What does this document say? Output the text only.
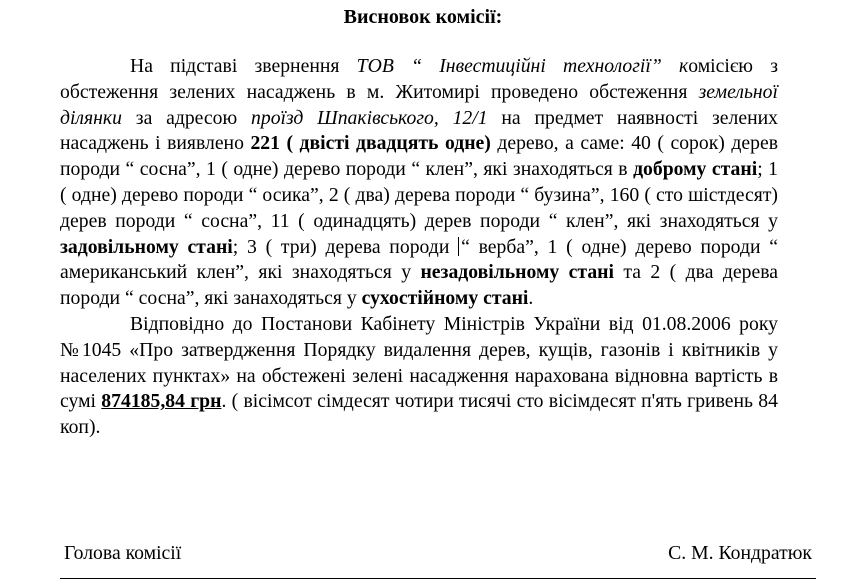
Висновок комісії:

На підставі звернення ТОВ “ Інвестиційні технології” комісією з обстеження зелених насаджень в м. Житомирі проведено обстеження земельної ділянки за адресою проїзд Шпаківського, 12/1 на предмет наявності зелених насаджень і виявлено 221 ( двісті двадцять одне) дерево, а саме: 40 ( сорок) дерев породи “ сосна”, 1 ( одне) дерево породи “ клен”, які знаходяться в доброму стані; 1 ( одне) дерево породи “ осика”, 2 ( два) дерева породи “ бузина”, 160 ( сто шістдесят) дерев породи “ сосна”, 11 ( одинадцять) дерев породи “ клен”, які знаходяться у задовільному стані; 3 ( три) дерева породи “ верба”, 1 ( одне) дерево породи “ американський клен”, які знаходяться у незадовільному стані та 2 ( два дерева породи “ сосна”, які занаходяться у сухостійному стані.

Відповідно до Постанови Кабінету Міністрів України від 01.08.2006 року №1045 «Про затвердження Порядку видалення дерев, кущів, газонів і квітників у населених пунктах» на обстежені зелені насадження нарахована відновна вартість в сумі 874185,84 грн. ( вісімсот сімдесят чотири тисячі сто вісімдесят п'ять гривень 84 коп).

Голова комісії	С. М. Кондратюк
